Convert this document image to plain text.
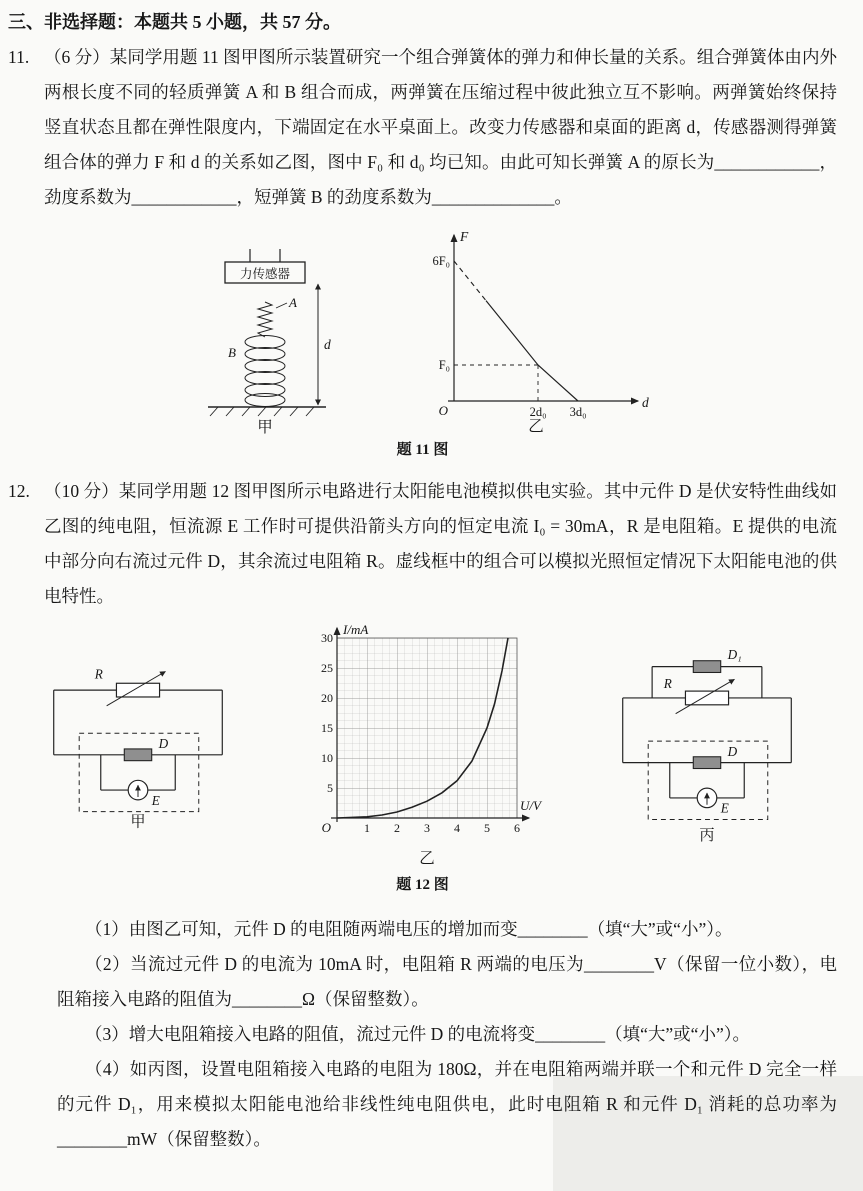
三、非选择题：本题共 5 小题，共 57 分。
11. （6 分）某同学用题 11 图甲图所示装置研究一个组合弹簧体的弹力和伸长量的关系。组合弹簧体由内外两根长度不同的轻质弹簧 A 和 B 组合而成，两弹簧在压缩过程中彼此独立互不影响。两弹簧始终保持竖直状态且都在弹性限度内，下端固定在水平桌面上。改变力传感器和桌面的距离 d，传感器测得弹簧组合体的弹力 F 和 d 的关系如乙图，图中 F₀ 和 d₀ 均已知。由此可知长弹簧 A 的原长为____________，劲度系数为____________，短弹簧 B 的劲度系数为______________。
力传感器
A
B
d
甲
F
6F₀
F₀
O	2d₀ 3d₀
d
乙
题 11 图
12. （10 分）某同学用题 12 图甲图所示电路进行太阳能电池模拟供电实验。其中元件 D 是伏安特性曲线如乙图的纯电阻，恒流源 E 工作时可提供沿箭头方向的恒定电流 I₀ = 30mA，R 是电阻箱。E 提供的电流中部分向右流过元件 D，其余流过电阻箱 R。虚线框中的组合可以模拟光照恒定情况下太阳能电池的供电特性。
R
D
E
甲
I/mA
U/V
30
25
20
15
10
5
1 2 3 4 5 6
O
乙
D₁
R
D
E
丙
题 12 图
（1）由图乙可知，元件 D 的电阻随两端电压的增加而变________（填“大”或“小”）。
（2）当流过元件 D 的电流为 10mA 时，电阻箱 R 两端的电压为________V（保留一位小数），电阻箱接入电路的阻值为________Ω（保留整数）。
（3）增大电阻箱接入电路的阻值，流过元件 D 的电流将变________（填“大”或“小”）。
（4）如丙图，设置电阻箱接入电路的电阻为 180Ω，并在电阻箱两端并联一个和元件 D 完全一样的元件 D₁，用来模拟太阳能电池给非线性纯电阻供电，此时电阻箱 R 和元件 D₁ 消耗的总功率为________mW（保留整数）。
